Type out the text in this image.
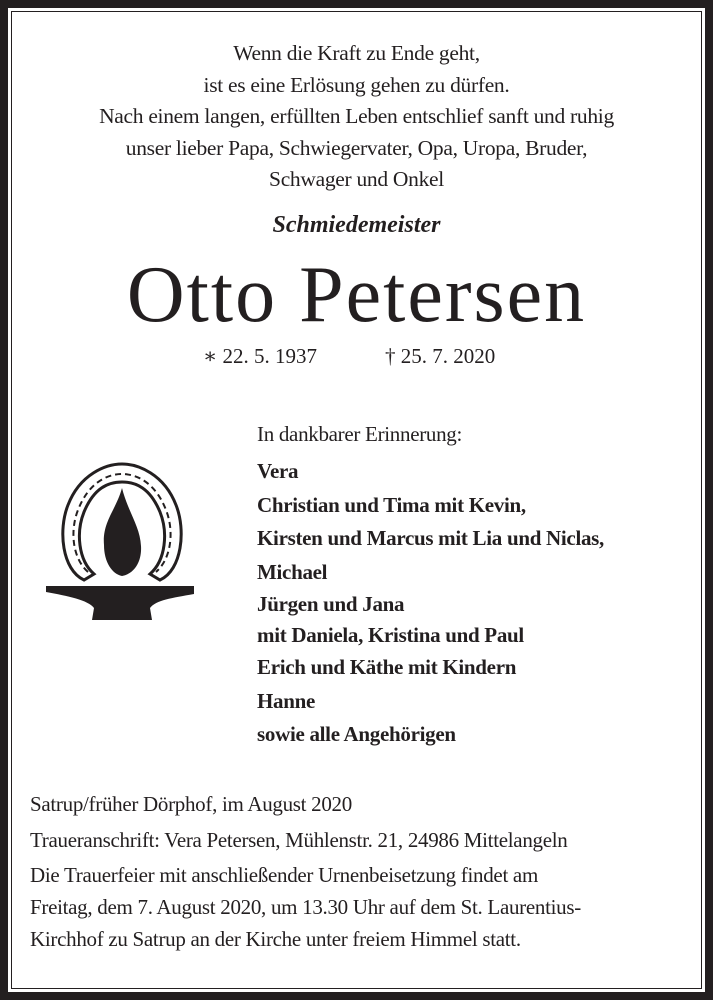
Wenn die Kraft zu Ende geht,
ist es eine Erlösung gehen zu dürfen.
Nach einem langen, erfüllten Leben entschlief sanft und ruhig
unser lieber Papa, Schwiegervater, Opa, Uropa, Bruder,
Schwager und Onkel
Schmiedemeister
Otto Petersen
∗ 22. 5. 1937	† 25. 7. 2020
In dankbarer Erinnerung:
Vera
Christian und Tima mit Kevin,
Kirsten und Marcus mit Lia und Niclas,
Michael
Jürgen und Jana
mit Daniela, Kristina und Paul
Erich und Käthe mit Kindern
Hanne
sowie alle Angehörigen
Satrup/früher Dörphof, im August 2020
Traueranschrift: Vera Petersen, Mühlenstr. 21, 24986 Mittelangeln
Die Trauerfeier mit anschließender Urnenbeisetzung findet am
Freitag, dem 7. August 2020, um 13.30 Uhr auf dem St. Laurentius-
Kirchhof zu Satrup an der Kirche unter freiem Himmel statt.
